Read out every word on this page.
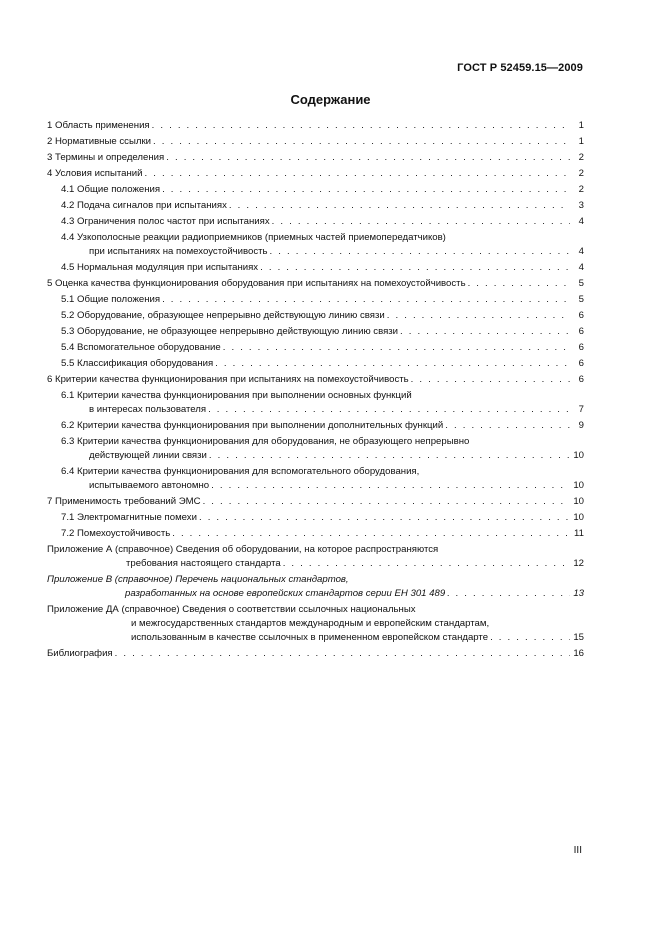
ГОСТ Р 52459.15—2009
Содержание
1 Область применения . . .	1
2 Нормативные ссылки . . .	1
3 Термины и определения . . .	2
4 Условия испытаний . . .	2
4.1 Общие положения . . .	2
4.2 Подача сигналов при испытаниях . . .	3
4.3 Ограничения полос частот при испытаниях . . .	4
4.4 Узкополосные реакции радиоприемников (приемных частей приемопередатчиков)
при испытаниях на помехоустойчивость . . .	4
4.5 Нормальная модуляция при испытаниях . . .	4
5 Оценка качества функционирования оборудования при испытаниях на помехоустойчивость . . .	5
5.1 Общие положения . . .	5
5.2 Оборудование, образующее непрерывно действующую линию связи . . .	6
5.3 Оборудование, не образующее непрерывно действующую линию связи . . .	6
5.4 Вспомогательное оборудование . . .	6
5.5 Классификация оборудования . . .	6
6 Критерии качества функционирования при испытаниях на помехоустойчивость . . .	6
6.1 Критерии качества функционирования при выполнении основных функций
в интересах пользователя . . .	7
6.2 Критерии качества функционирования при выполнении дополнительных функций . . .	9
6.3 Критерии качества функционирования для оборудования, не образующего непрерывно
действующей линии связи . . .	10
6.4 Критерии качества функционирования для вспомогательного оборудования,
испытываемого автономно . . .	10
7 Применимость требований ЭМС . . .	10
7.1 Электромагнитные помехи . . .	10
7.2 Помехоустойчивость . . .	11
Приложение А (справочное) Сведения об оборудовании, на которое распространяются
требования настоящего стандарта . . .	12
Приложение В (справочное) Перечень национальных стандартов,
разработанных на основе европейских стандартов серии ЕН 301 489 . . .	13
Приложение ДА (справочное) Сведения о соответствии ссылочных национальных
и межгосударственных стандартов международным и европейским стандартам,
использованным в качестве ссылочных в примененном европейском стандарте . . .	15
Библиография . . .	16
III
